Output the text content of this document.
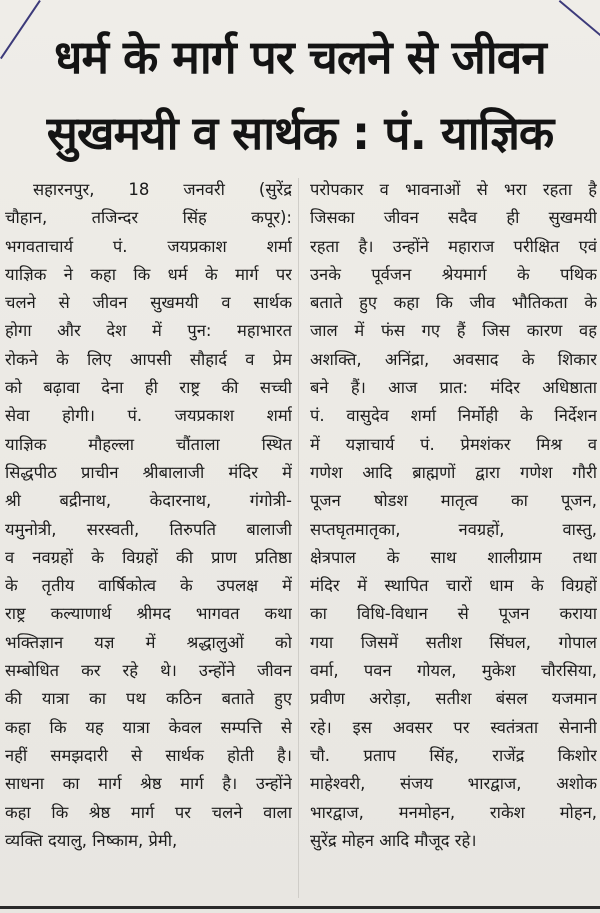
धर्म के मार्ग पर चलने से जीवन
सुखमयी व सार्थक : पं. याज्ञिक
सहारनपुर, 18 जनवरी (सुरेंद्र
चौहान, तजिन्दर सिंह कपूर):
भगवताचार्य पं. जयप्रकाश शर्मा
याज्ञिक ने कहा कि धर्म के मार्ग पर
चलने से जीवन सुखमयी व सार्थक
होगा और देश में पुन: महाभारत
रोकने के लिए आपसी सौहार्द व प्रेम
को बढ़ावा देना ही राष्ट्र की सच्ची
सेवा होगी। पं. जयप्रकाश शर्मा
याज्ञिक मौहल्ला चौंताला स्थित
सिद्धपीठ प्राचीन श्रीबालाजी मंदिर में
श्री बद्रीनाथ, केदारनाथ, गंगोत्री-
यमुनोत्री, सरस्वती, तिरुपति बालाजी
व नवग्रहों के विग्रहों की प्राण प्रतिष्ठा
के तृतीय वार्षिकोत्व के उपलक्ष में
राष्ट्र कल्याणार्थ श्रीमद भागवत कथा
भक्तिज्ञान यज्ञ में श्रद्धालुओं को
सम्बोधित कर रहे थे। उन्होंने जीवन
की यात्रा का पथ कठिन बताते हुए
कहा कि यह यात्रा केवल सम्पत्ति से
नहीं समझदारी से सार्थक होती है।
साधना का मार्ग श्रेष्ठ मार्ग है। उन्होंने
कहा कि श्रेष्ठ मार्ग पर चलने वाला
व्यक्ति दयालु, निष्काम, प्रेमी,
परोपकार व भावनाओं से भरा रहता है
जिसका जीवन सदैव ही सुखमयी
रहता है। उन्होंने महाराज परीक्षित एवं
उनके पूर्वजन श्रेयमार्ग के पथिक
बताते हुए कहा कि जीव भौतिकता के
जाल में फंस गए हैं जिस कारण वह
अशक्ति, अनिंद्रा, अवसाद के शिकार
बने हैं। आज प्रात: मंदिर अधिष्ठाता
पं. वासुदेव शर्मा निर्मोही के निर्देशन
में यज्ञाचार्य पं. प्रेमशंकर मिश्र व
गणेश आदि ब्राह्मणों द्वारा गणेश गौरी
पूजन षोडश मातृत्व का पूजन,
सप्तघृतमातृका, नवग्रहों, वास्तु,
क्षेत्रपाल के साथ शालीग्राम तथा
मंदिर में स्थापित चारों धाम के विग्रहों
का विधि-विधान से पूजन कराया
गया जिसमें सतीश सिंघल, गोपाल
वर्मा, पवन गोयल, मुकेश चौरसिया,
प्रवीण अरोड़ा, सतीश बंसल यजमान
रहे। इस अवसर पर स्वतंत्रता सेनानी
चौ. प्रताप सिंह, राजेंद्र किशोर
माहेश्वरी, संजय भारद्वाज, अशोक
भारद्वाज, मनमोहन, राकेश मोहन,
सुरेंद्र मोहन आदि मौजूद रहे।
